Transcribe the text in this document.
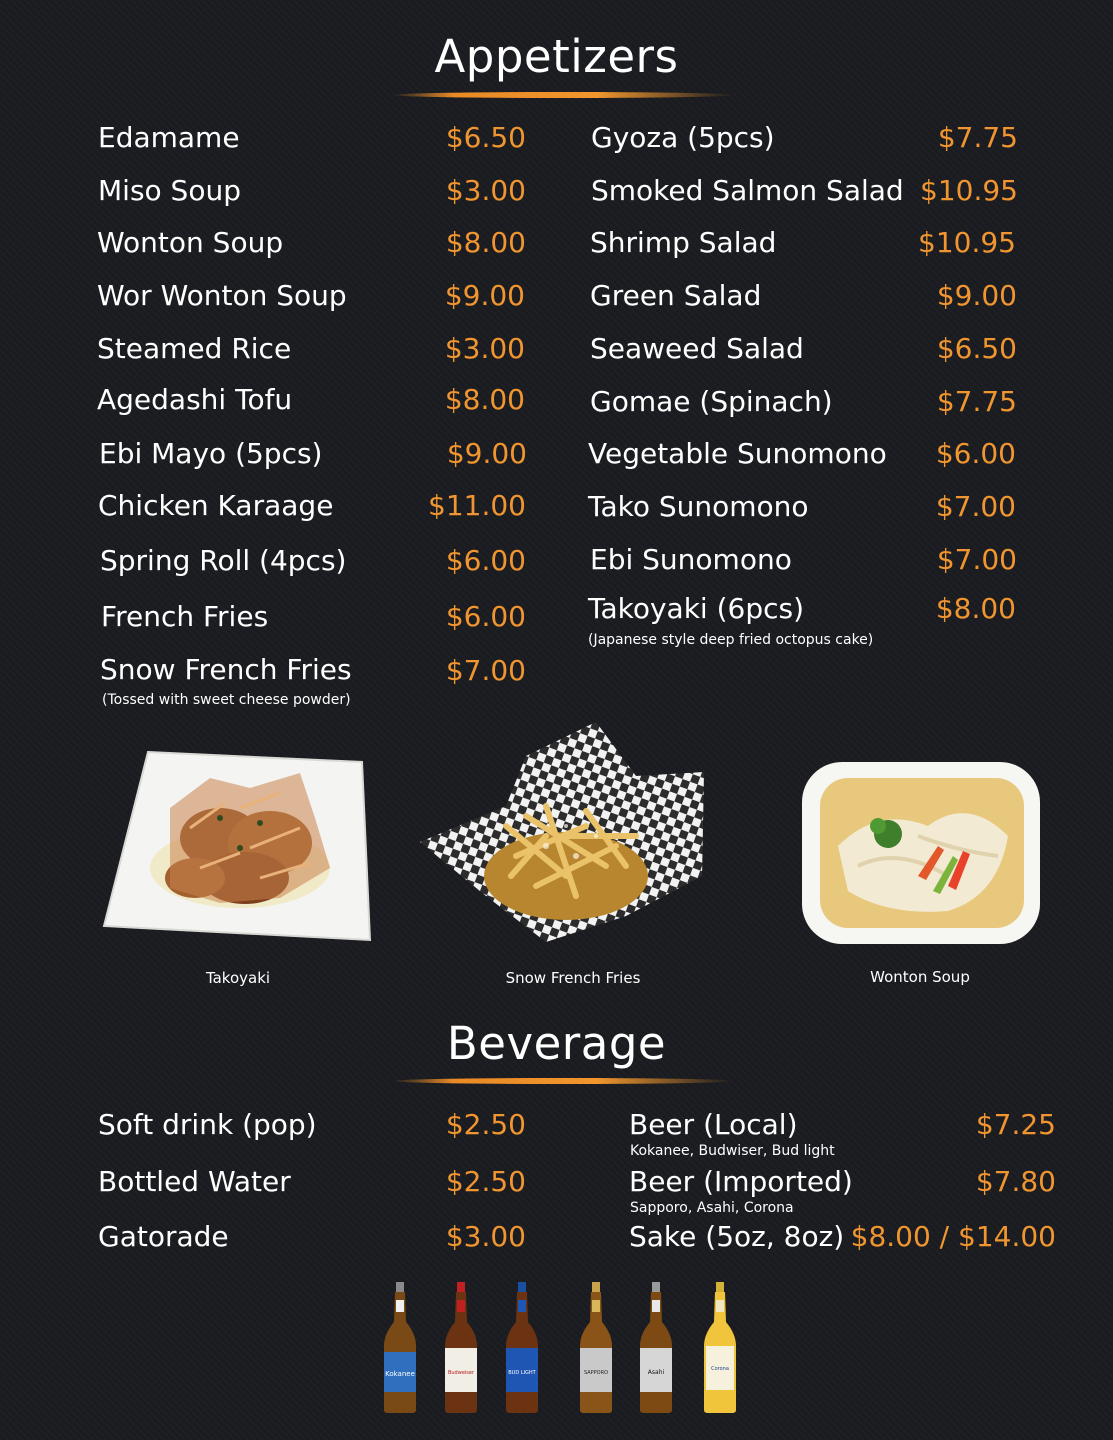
Appetizers
Edamame	$6.50
Miso Soup	$3.00
Wonton Soup	$8.00
Wor Wonton Soup	$9.00
Steamed Rice	$3.00
Agedashi Tofu	$8.00
Ebi Mayo (5pcs)	$9.00
Chicken Karaage	$11.00
Spring Roll (4pcs)	$6.00
French Fries	$6.00
Snow French Fries	$7.00
(Tossed with sweet cheese powder)
Gyoza (5pcs)	$7.75
Smoked Salmon Salad $10.95
Shrimp Salad	$10.95
Green Salad	$9.00
Seaweed Salad	$6.50
Gomae (Spinach)	$7.75
Vegetable Sunomono $6.00
Tako Sunomono	$7.00
Ebi Sunomono	$7.00
Takoyaki (6pcs)	$8.00
(Japanese style deep fried octopus cake)
Takoyaki	Snow French Fries	Wonton Soup
Beverage
Soft drink (pop)	$2.50
Bottled Water	$2.50
Gatorade	$3.00
Beer (Local)	$7.25
Kokanee, Budwiser, Bud light
Beer (Imported)	$7.80
Sapporo, Asahi, Corona
Sake (5oz, 8oz) $8.00 / $14.00
Kokanee	Budweiser	BUD LIGHT	SAPPORO	Asahi	Corona
